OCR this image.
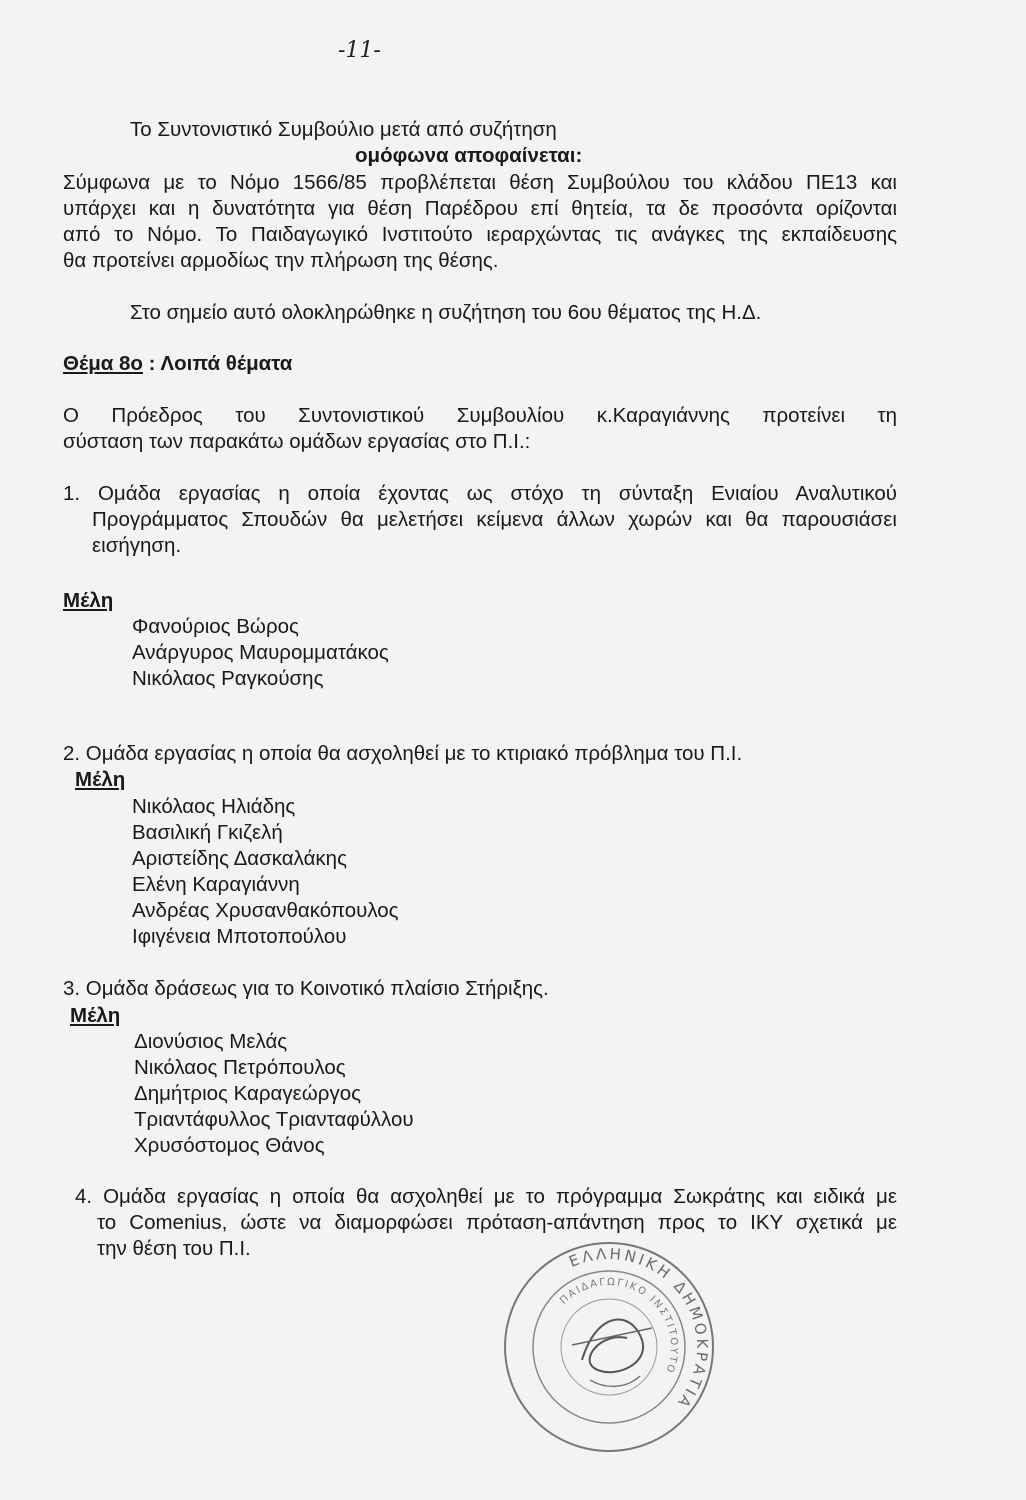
-11-
Το Συντονιστικό Συμβούλιο μετά από συζήτηση
ομόφωνα αποφαίνεται:
Σύμφωνα με το Νόμο 1566/85 προβλέπεται θέση Συμβούλου του κλάδου ΠΕ13 και
υπάρχει και η δυνατότητα για θέση Παρέδρου επί θητεία, τα δε προσόντα ορίζονται
από το Νόμο. Το Παιδαγωγικό Ινστιτούτο ιεραρχώντας τις ανάγκες της εκπαίδευσης
θα προτείνει αρμοδίως την πλήρωση της θέσης.
Στο σημείο αυτό ολοκληρώθηκε η συζήτηση του 6ου θέματος της Η.Δ.
Θέμα 8ο : Λοιπά θέματα
Ο Πρόεδρος του Συντονιστικού Συμβουλίου κ.Καραγιάννης προτείνει τη
σύσταση των παρακάτω ομάδων εργασίας στο Π.Ι.:
1. Ομάδα εργασίας η οποία έχοντας ως στόχο τη σύνταξη Ενιαίου Αναλυτικού
Προγράμματος Σπουδών θα μελετήσει κείμενα άλλων χωρών και θα παρουσιάσει
εισήγηση.
Μέλη
Φανούριος Βώρος
Ανάργυρος Μαυρομματάκος
Νικόλαος Ραγκούσης
2. Ομάδα εργασίας η οποία θα ασχοληθεί με το κτιριακό πρόβλημα του Π.Ι.
Μέλη
Νικόλαος Ηλιάδης
Βασιλική Γκιζελή
Αριστείδης Δασκαλάκης
Ελένη Καραγιάννη
Ανδρέας Χρυσανθακόπουλος
Ιφιγένεια Μποτοπούλου
3. Ομάδα δράσεως για το Κοινοτικό πλαίσιο Στήριξης.
Μέλη
Διονύσιος Μελάς
Νικόλαος Πετρόπουλος
Δημήτριος Καραγεώργος
Τριαντάφυλλος Τριανταφύλλου
Χρυσόστομος Θάνος
4. Ομάδα εργασίας η οποία θα ασχοληθεί με το πρόγραμμα Σωκράτης και ειδικά με
το Comenius, ώστε να διαμορφώσει πρόταση-απάντηση προς το ΙΚΥ σχετικά με
την θέση του Π.Ι.
ΕΛΛΗΝΙΚΗ ΔΗΜΟΚΡΑΤΙΑ
ΠΑΙΔΑΓΩΓΙΚΟ ΙΝΣΤΙΤΟΥΤΟ
